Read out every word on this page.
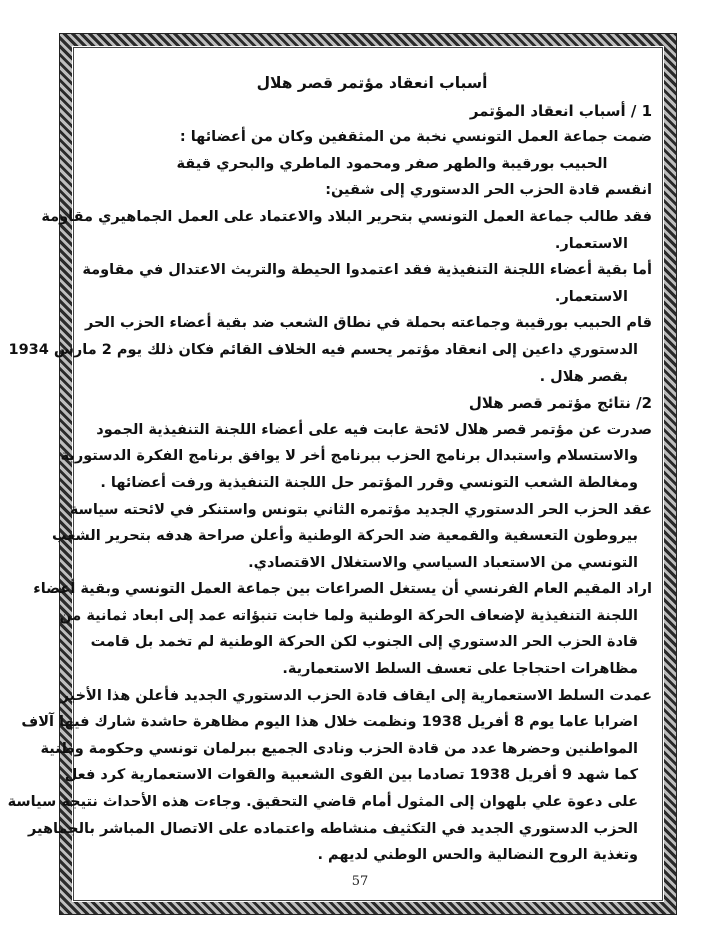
أسباب انعقاد مؤتمر قصر هلال
1 / أسباب انعقاد المؤتمر
ضمت جماعة العمل التونسي نخبة من المثقفين وكان من أعضائها :
الحبيب بورقيبة والطهر صفر ومحمود الماطري والبحري قيقة
انقسم قادة الحزب الحر الدستوري إلى شقين:
فقد طالب جماعة العمل التونسي بتحرير البلاد والاعتماد على العمل الجماهيري مقاومة
الاستعمار.
أما بقية أعضاء اللجنة التنفيذية فقد اعتمدوا الحيطة والتريث الاعتدال في مقاومة
الاستعمار.
قام الحبيب بورقيبة وجماعته بحملة في نطاق الشعب ضد بقية أعضاء الحزب الحر
الدستوري داعين إلى انعقاد مؤتمر يحسم فيه الخلاف القائم فكان ذلك يوم 2 مارس 1934
بقصر هلال .
2/ نتائج مؤتمر قصر هلال
صدرت عن مؤتمر قصر هلال لائحة عابت فيه على أعضاء اللجنة التنفيذية الجمود
والاستسلام واستبدال برنامج الحزب ببرنامج أخر لا يوافق برنامج الفكرة الدستورية
ومغالطة الشعب التونسي وقرر المؤتمر حل اللجنة التنفيذية ورفت أعضائها .
عقد الحزب الحر الدستوري الجديد مؤتمره الثاني بتونس واستنكر في لائحته سياسة
بيروطون التعسفية والقمعية ضد الحركة الوطنية وأعلن صراحة هدفه بتحرير الشعب
التونسي من الاستعباد السياسي والاستغلال الاقتصادي.
اراد المقيم العام الفرنسي أن يستغل الصراعات بين جماعة العمل التونسي وبقية أعضاء
اللجنة التنفيذية لإضعاف الحركة الوطنية ولما خابت تنبؤاته عمد إلى ابعاد ثمانية من
قادة الحزب الحر الدستوري إلى الجنوب لكن الحركة الوطنية لم تخمد بل قامت
مظاهرات احتجاجا على تعسف السلط الاستعمارية.
عمدت السلط الاستعمارية إلى ايقاف قادة الحزب الدستوري الجديد فأعلن هذا الأخير
اضرابا عاما يوم 8 أفريل 1938 ونظمت خلال هذا اليوم مظاهرة حاشدة شارك فيها آلاف
المواطنين وحضرها عدد من قادة الحزب ونادى الجميع ببرلمان تونسي وحكومة وطنية
كما شهد 9 أفريل 1938 تصادما بين القوى الشعبية والقوات الاستعمارية كرد فعل
على دعوة علي بلهوان إلى المثول أمام قاضي التحقيق. وجاءت هذه الأحداث نتيجة سياسة
الحزب الدستوري الجديد في التكثيف منشاطه واعتماده على الاتصال المباشر بالجماهير
وتغذية الروح النضالية والحس الوطني لديهم .
57
